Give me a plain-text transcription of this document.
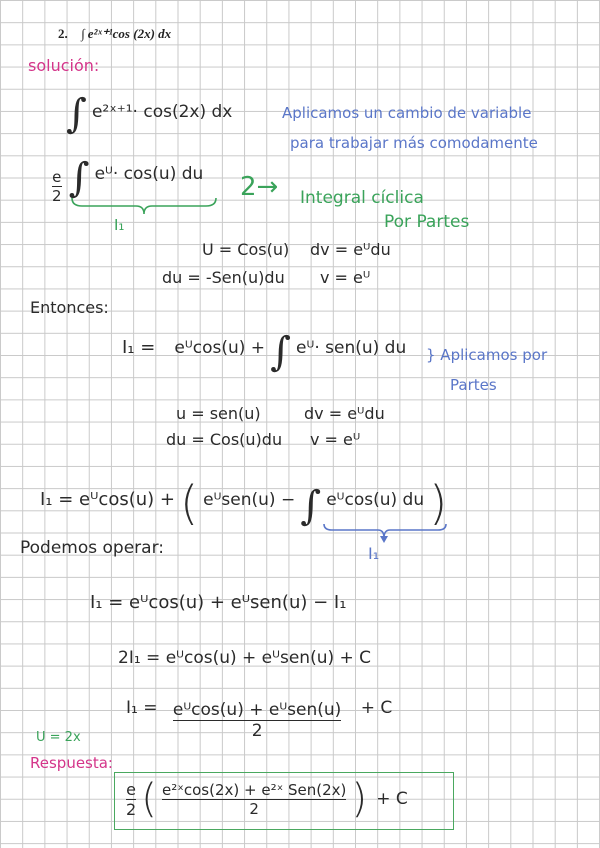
2. ∫ e²ˣ⁺¹cos (2x) dx
solución:
∫ e²ˣ⁺¹· cos(2x) dx	Aplicamos un cambio de variable
para trabajar más comodamente
$\frac{e}{2}$ ∫ eᵁ· cos(u) du
I₁
2→ Integral cíclica
Por Partes
U = Cos(u) dv = eᵁdu
du = -Sen(u)du v = eᵁ
Entonces:
I₁ = eᵁcos(u) + ∫ eᵁ· sen(u) du } Aplicamos por
Partes
u = sen(u)	dv = eᵁdu
du = Cos(u)du v = eᵁ
I₁ = eᵁcos(u) + ( eᵁsen(u) − ∫ eᵁcos(u) du )
I₁
Podemos operar:
I₁ = eᵁcos(u) + eᵁsen(u) − I₁
2I₁ = eᵁcos(u) + eᵁsen(u) + C
$I_1 = \frac{\text{eᵁcos(u) + eᵁsen(u)}}{2} + C$
U = 2x
Respuesta:
$\frac{e}{2}$ ( $\frac{\text{e²ˣcos(2x) + e²ˣ Sen(2x)}}{2}$ ) + C
